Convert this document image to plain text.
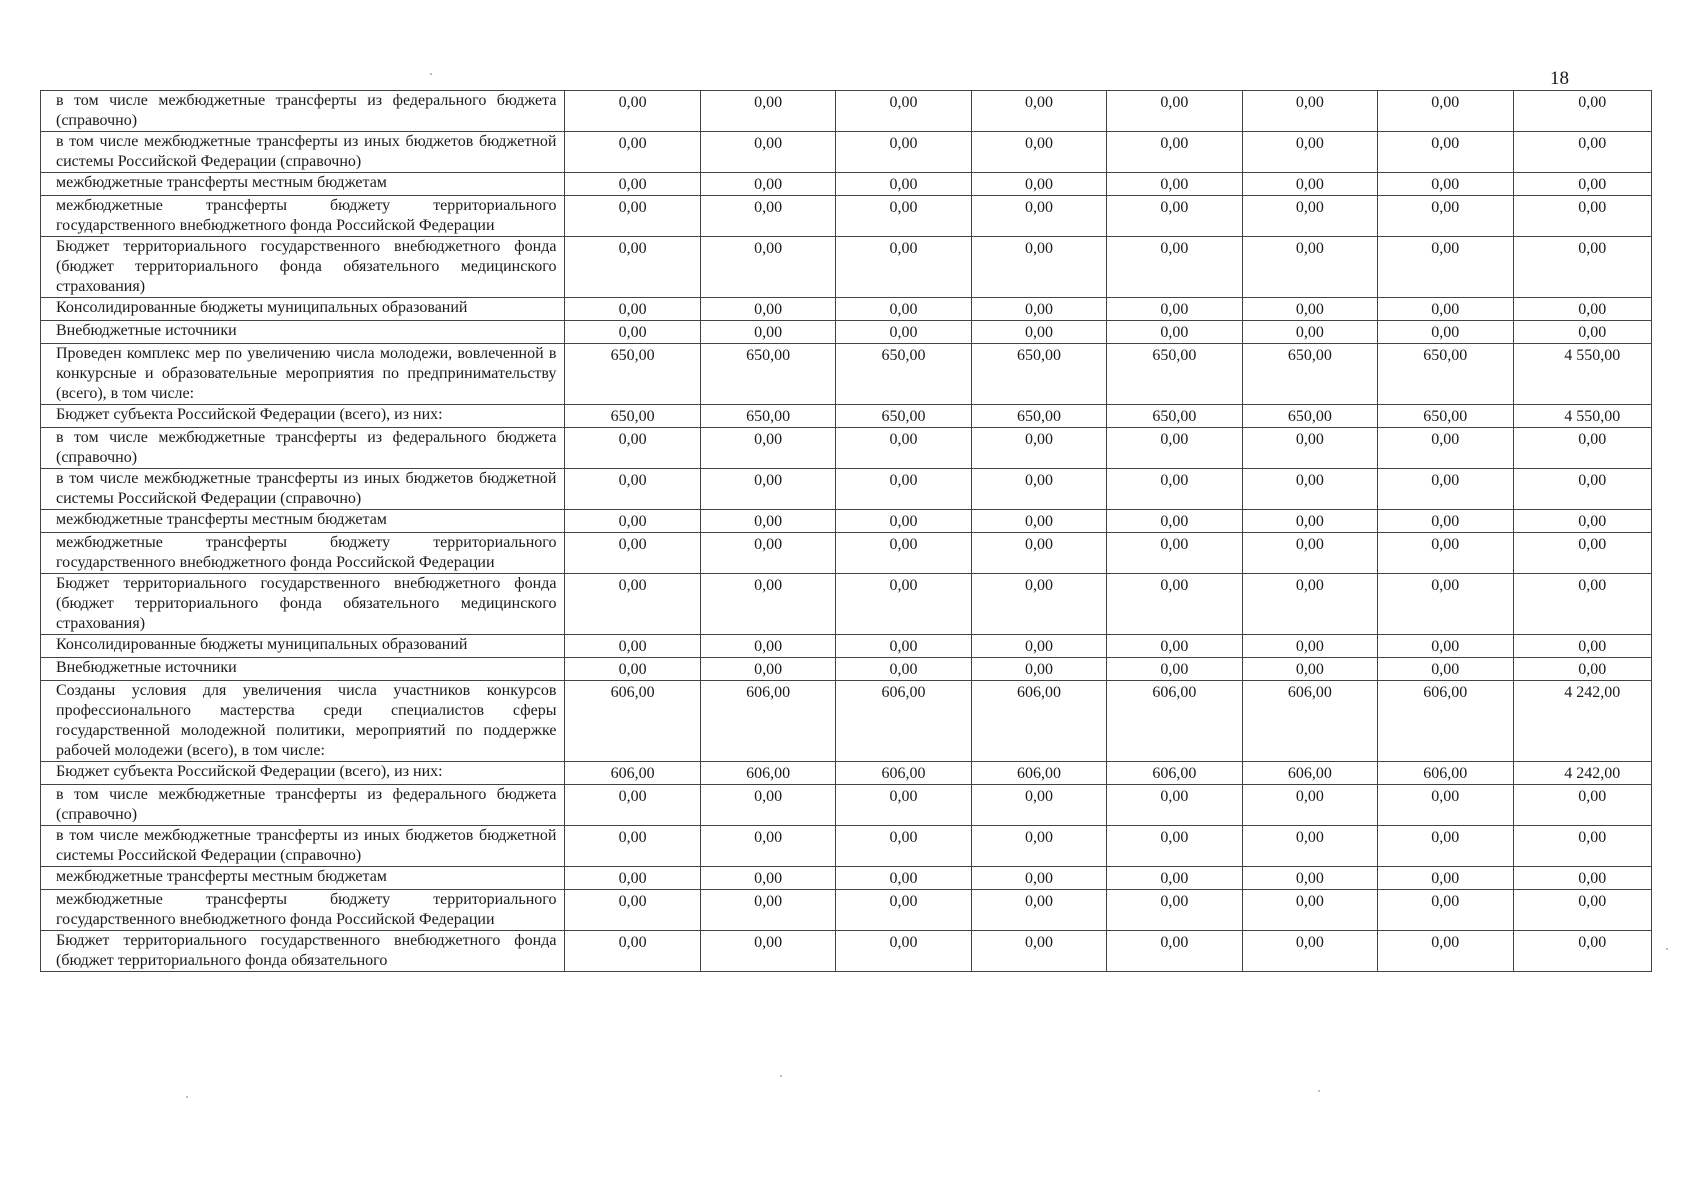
18
в том числе межбюджетные трансферты из федерального бюджета (справочно)	0,00	0,00	0,00	0,00	0,00	0,00	0,00	0,00
в том числе межбюджетные трансферты из иных бюджетов бюджетной системы Российской Федерации (справочно)	0,00	0,00	0,00	0,00	0,00	0,00	0,00	0,00
межбюджетные трансферты местным бюджетам	0,00	0,00	0,00	0,00	0,00	0,00	0,00	0,00
межбюджетные трансферты бюджету территориального государственного внебюджетного фонда Российской Федерации	0,00	0,00	0,00	0,00	0,00	0,00	0,00	0,00
Бюджет территориального государственного внебюджетного фонда (бюджет территориального фонда обязательного медицинского страхования)	0,00	0,00	0,00	0,00	0,00	0,00	0,00	0,00
Консолидированные бюджеты муниципальных образований	0,00	0,00	0,00	0,00	0,00	0,00	0,00	0,00
Внебюджетные источники	0,00	0,00	0,00	0,00	0,00	0,00	0,00	0,00
Проведен комплекс мер по увеличению числа молодежи, вовлеченной в конкурсные и образовательные мероприятия по предпринимательству (всего), в том числе:	650,00	650,00	650,00	650,00	650,00	650,00	650,00	4 550,00
Бюджет субъекта Российской Федерации (всего), из них:	650,00	650,00	650,00	650,00	650,00	650,00	650,00	4 550,00
в том числе межбюджетные трансферты из федерального бюджета (справочно)	0,00	0,00	0,00	0,00	0,00	0,00	0,00	0,00
в том числе межбюджетные трансферты из иных бюджетов бюджетной системы Российской Федерации (справочно)	0,00	0,00	0,00	0,00	0,00	0,00	0,00	0,00
межбюджетные трансферты местным бюджетам	0,00	0,00	0,00	0,00	0,00	0,00	0,00	0,00
межбюджетные трансферты бюджету территориального государственного внебюджетного фонда Российской Федерации	0,00	0,00	0,00	0,00	0,00	0,00	0,00	0,00
Бюджет территориального государственного внебюджетного фонда (бюджет территориального фонда обязательного медицинского страхования)	0,00	0,00	0,00	0,00	0,00	0,00	0,00	0,00
Консолидированные бюджеты муниципальных образований	0,00	0,00	0,00	0,00	0,00	0,00	0,00	0,00
Внебюджетные источники	0,00	0,00	0,00	0,00	0,00	0,00	0,00	0,00
Созданы условия для увеличения числа участников конкурсов профессионального мастерства среди специалистов сферы государственной молодежной политики, мероприятий по поддержке рабочей молодежи (всего), в том числе:	606,00	606,00	606,00	606,00	606,00	606,00	606,00	4 242,00
Бюджет субъекта Российской Федерации (всего), из них:	606,00	606,00	606,00	606,00	606,00	606,00	606,00	4 242,00
в том числе межбюджетные трансферты из федерального бюджета (справочно)	0,00	0,00	0,00	0,00	0,00	0,00	0,00	0,00
в том числе межбюджетные трансферты из иных бюджетов бюджетной системы Российской Федерации (справочно)	0,00	0,00	0,00	0,00	0,00	0,00	0,00	0,00
межбюджетные трансферты местным бюджетам	0,00	0,00	0,00	0,00	0,00	0,00	0,00	0,00
межбюджетные трансферты бюджету территориального государственного внебюджетного фонда Российской Федерации	0,00	0,00	0,00	0,00	0,00	0,00	0,00	0,00
Бюджет территориального государственного внебюджетного фонда (бюджет территориального фонда обязательного	0,00	0,00	0,00	0,00	0,00	0,00	0,00	0,00
